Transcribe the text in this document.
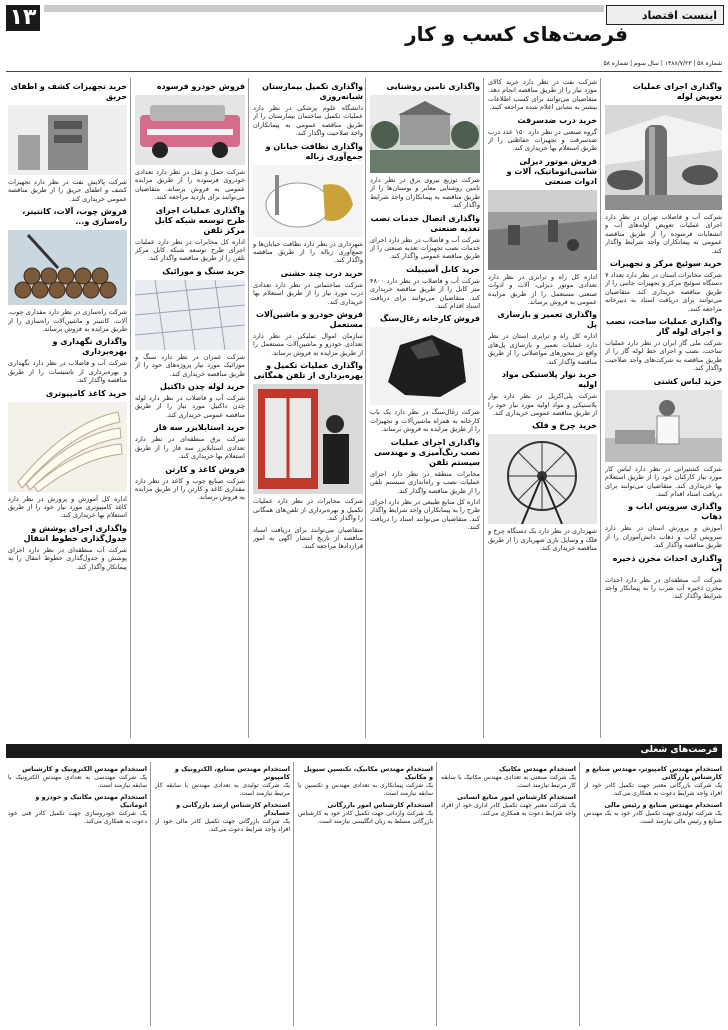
۱۳	اینست اقتصاد
فرصت‌های کسب و کار
شماره ۵۸ | ۱۳۸۸/۷/۲۳ | سال سوم | شماره ۵۸
واگذاری اجرای عملیات تعویض لوله

شرکت آب و فاضلاب تهران در نظر دارد اجرای عملیات تعویض لوله‌های آب و انشعابات فرسوده را از طریق مناقصه عمومی به پیمانکاران واجد شرایط واگذار کند.

خرید سوئیچ مرکز و تجهیزات

شرکت مخابرات استان در نظر دارد تعداد ۷ دستگاه سوئیچ مرکز و تجهیزات جانبی را از طریق مناقصه خریداری کند. متقاضیان می‌توانند برای دریافت اسناد به دبیرخانه مراجعه کنند.

واگذاری عملیات ساخت، نصب و اجرای لوله گاز

شرکت ملی گاز ایران در نظر دارد عملیات ساخت، نصب و اجرای خط لوله گاز را از طریق مناقصه به شرکت‌های واجد صلاحیت واگذار کند.

خرید لباس کشتی

شرکت کشتیرانی در نظر دارد لباس کار مورد نیاز کارکنان خود را از طریق استعلام بها خریداری کند. متقاضیان می‌توانند برای دریافت اسناد اقدام کنند.

واگذاری سرویس ایاب و ذهاب

آموزش و پرورش استان در نظر دارد سرویس ایاب و ذهاب دانش‌آموزان را از طریق مناقصه واگذار کند.

واگذاری احداث مخزن ذخیره آب

شرکت آب منطقه‌ای در نظر دارد احداث مخزن ذخیره آب شرب را به پیمانکار واجد شرایط واگذار کند.

شرکت نفت در نظر دارد خرید کالای مورد نیاز را از طریق مناقصه انجام دهد. متقاضیان می‌توانند برای کسب اطلاعات بیشتر به نشانی اعلام شده مراجعه کنند.

خرید درب ضدسرقت

گروه صنعتی در نظر دارد ۱۵۰ عدد درب ضدسرقت و تجهیزات حفاظتی را از طریق استعلام بها خریداری کند.

فروش موتور دیزلی شاسی‌اتوماتیک، آلات و ادوات صنعتی

اداره کل راه و ترابری در نظر دارد تعدادی موتور دیزلی، آلات و ادوات صنعتی مستعمل را از طریق مزایده عمومی به فروش برساند.

واگذاری تعمیر و بازسازی پل

اداره کل راه و ترابری استان در نظر دارد عملیات تعمیر و بازسازی پل‌های واقع در محورهای مواصلاتی را از طریق مناقصه واگذار کند.

خرید نوار پلاستیکی مواد اولیه

شرکت پلی‌اکریل در نظر دارد نوار پلاستیکی و مواد اولیه مورد نیاز خود را از طریق مناقصه عمومی خریداری کند.

خرید چرخ و فلک

شهرداری در نظر دارد یک دستگاه چرخ و فلک و وسایل بازی شهربازی را از طریق مناقصه خریداری کند.

واگذاری تامین روشنایی

شرکت توزیع نیروی برق در نظر دارد تامین روشنایی معابر و بوستان‌ها را از طریق مناقصه به پیمانکاران واجد شرایط واگذار کند.

واگذاری اتصال خدمات تصب تغذیه صنعتی

شرکت آب و فاضلاب در نظر دارد اجرای خدمات نصب تجهیزات تغذیه صنعتی را از طریق مناقصه عمومی واگذار کند.

خرید کابل آسیبیلت

شرکت آب و فاضلاب در نظر دارد ۴۸۰۰ متر کابل را از طریق مناقصه خریداری کند. متقاضیان می‌توانند برای دریافت اسناد اقدام کنند.

فروش کارخانه زغال‌سنگ

شرکت زغال‌سنگ در نظر دارد یک باب کارخانه به همراه ماشین‌آلات و تجهیزات را از طریق مزایده به فروش برساند.

واگذاری اجرای عملیات نصب رنگ‌آمیزی و مهندسی سیستم تلفن

مخابرات منطقه در نظر دارد اجرای عملیات نصب و راه‌اندازی سیستم تلفن را از طریق مناقصه واگذار کند.

اداره کل منابع طبیعی در نظر دارد اجرای طرح را به پیمانکاران واجد شرایط واگذار کند. متقاضیان می‌توانند اسناد را دریافت کنند.

واگذاری تکمیل بیمارستان شبانه‌روزی

دانشگاه علوم پزشکی در نظر دارد عملیات تکمیل ساختمان بیمارستان را از طریق مناقصه عمومی به پیمانکاران واجد صلاحیت واگذار کند.

واگذاری نظافت خیابان و جمع‌آوری زباله

شهرداری در نظر دارد نظافت خیابان‌ها و جمع‌آوری زباله را از طریق مناقصه واگذار کند.

خرید درب چند حشنی

شرکت ساختمانی در نظر دارد تعدادی درب مورد نیاز را از طریق استعلام بها خریداری کند.

فروش خودرو و ماشین‌آلات مستعمل

سازمان اموال تملیکی در نظر دارد تعدادی خودرو و ماشین‌آلات مستعمل را از طریق مزایده به فروش برساند.

واگذاری عملیات تکمیل و بهره‌برداری از تلفن همگانی

شرکت مخابرات در نظر دارد عملیات تکمیل و بهره‌برداری از تلفن‌های همگانی را واگذار کند.

متقاضیان می‌توانند برای دریافت اسناد مناقصه از تاریخ انتشار آگهی به امور قراردادها مراجعه کنند.

فروش خودرو فرسوده

شرکت حمل و نقل در نظر دارد تعدادی خودروی فرسوده را از طریق مزایده عمومی به فروش برساند. متقاضیان می‌توانند برای بازدید مراجعه کنند.

واگذاری عملیات اجرای طرح توسعه شبکه کابل مرکز تلفن

اداره کل مخابرات در نظر دارد عملیات اجرای طرح توسعه شبکه کابل مرکز تلفن را از طریق مناقصه واگذار کند.

خرید سنگ و موزائیک

شرکت عمران در نظر دارد سنگ و موزائیک مورد نیاز پروژه‌های خود را از طریق مناقصه خریداری کند.

خرید لوله چدن داکتیل

شرکت آب و فاضلاب در نظر دارد لوله چدن داکتیل مورد نیاز را از طریق مناقصه عمومی خریداری کند.

خرید استابلایزر سه فاز

شرکت برق منطقه‌ای در نظر دارد تعدادی استابلایزر سه فاز را از طریق استعلام بها خریداری کند.

فروش کاغذ و کارتن

شرکت صنایع چوب و کاغذ در نظر دارد مقداری کاغذ و کارتن را از طریق مزایده به فروش برساند.

خرید تجهیزات کشف و اطفای حریق

شرکت پالایش نفت در نظر دارد تجهیزات کشف و اطفای حریق را از طریق مناقصه عمومی خریداری کند.

فروش چوب، آلات، کانتینر، راه‌سازی و...

شرکت راه‌سازی در نظر دارد مقداری چوب، آلات، کانتینر و ماشین‌آلات راه‌سازی را از طریق مزایده به فروش برساند.

واگذاری نگهداری و بهره‌برداری

شرکت آب و فاضلاب در نظر دارد نگهداری و بهره‌برداری از تاسیسات را از طریق مناقصه واگذار کند.

خرید کاغذ کامپیوتری

اداره کل آموزش و پرورش در نظر دارد کاغذ کامپیوتری مورد نیاز خود را از طریق استعلام بها خریداری کند.

واگذاری اجرای پوشش و جدول‌گذاری خطوط انتقال

شرکت آب منطقه‌ای در نظر دارد اجرای پوشش و جدول‌گذاری خطوط انتقال را به پیمانکار واگذار کند.

فرصت‌های شغلی
استخدام مهندس کامپیوتر، مهندس صنایع و کارشناس بازرگانی

یک شرکت بازرگانی معتبر جهت تکمیل کادر خود از افراد واجد شرایط دعوت به همکاری می‌کند.

استخدام مهندس صنایع و رئیس مالی

یک شرکت تولیدی جهت تکمیل کادر خود به یک مهندس صنایع و رئیس مالی نیازمند است.

استخدام مهندس مکانیک

یک شرکت صنعتی به تعدادی مهندس مکانیک با سابقه کار مرتبط نیازمند است.

استخدام کارشناس امور منابع انسانی

یک شرکت معتبر جهت تکمیل کادر اداری خود از افراد واجد شرایط دعوت به همکاری می‌کند.

استخدام مهندس مکانیک، تکنسین سیویل و مکانیک

یک شرکت پیمانکاری به تعدادی مهندس و تکنسین با سابقه نیازمند است.

استخدام کارشناس امور بازرگانی

یک شرکت وارداتی جهت تکمیل کادر خود به کارشناس بازرگانی مسلط به زبان انگلیسی نیازمند است.

استخدام مهندس صنایع، الکترونیک و کامپیوتر

یک شرکت تولیدی به تعدادی مهندس با سابقه کار مرتبط نیازمند است.

استخدام کارشناس ارشد بازرگانی و حسابدار

یک شرکت بازرگانی جهت تکمیل کادر مالی خود از افراد واجد شرایط دعوت می‌کند.

استخدام مهندس الکترونیک و کارشناس

یک شرکت مهندسی به تعدادی مهندس الکترونیک با سابقه نیازمند است.

استخدام مهندس مکانیک و خودرو و اتوماتیک

یک شرکت خودروسازی جهت تکمیل کادر فنی خود دعوت به همکاری می‌کند.
